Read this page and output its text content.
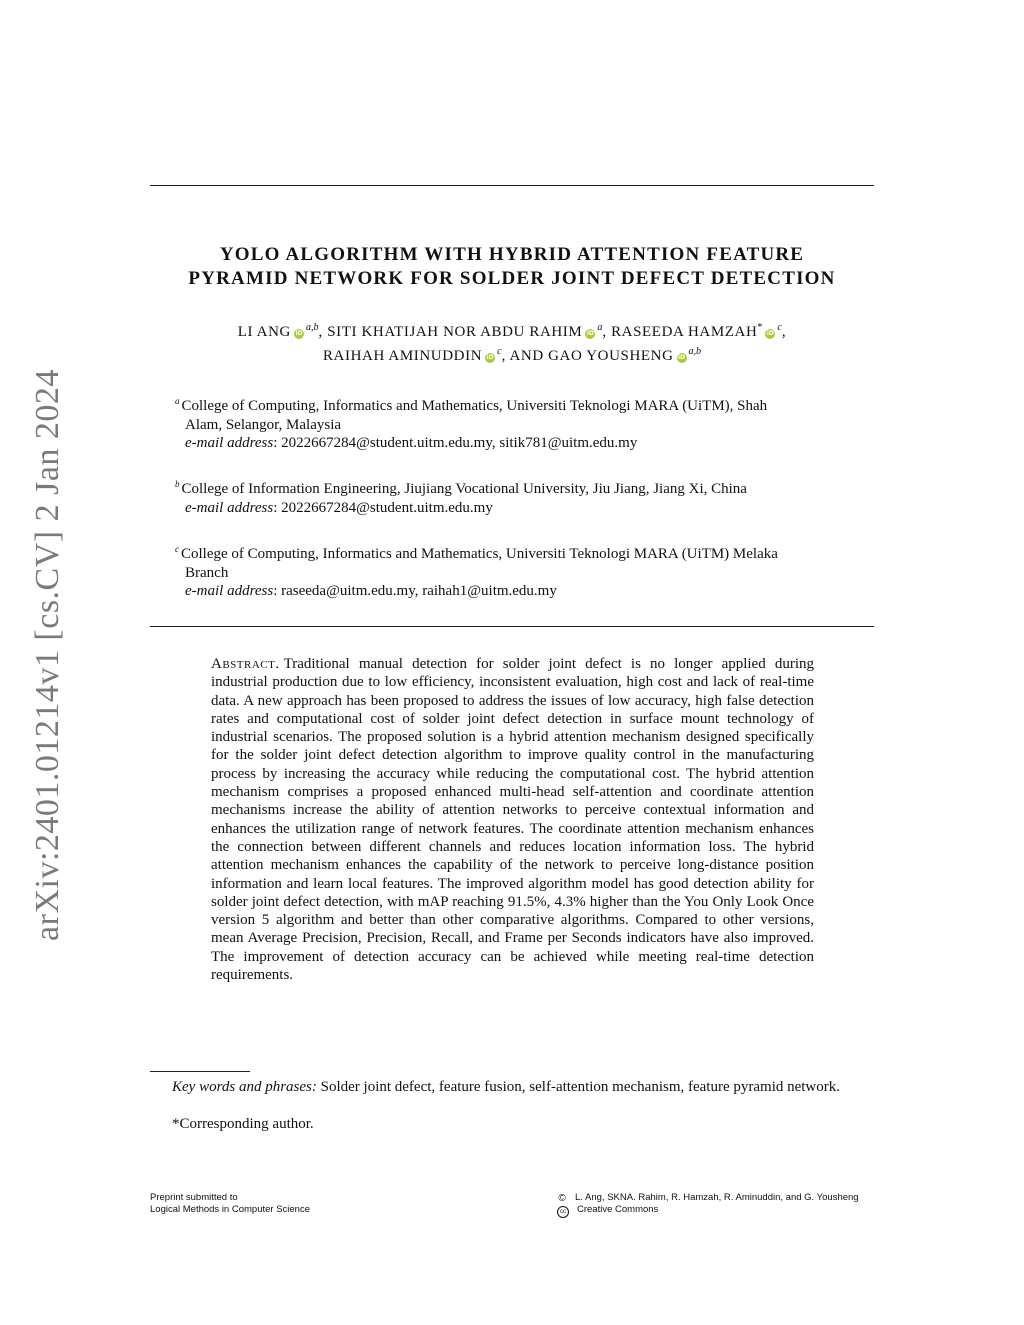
arXiv:2401.01214v1 [cs.CV] 2 Jan 2024
YOLO ALGORITHM WITH HYBRID ATTENTION FEATURE
PYRAMID NETWORK FOR SOLDER JOINT DEFECT DETECTION
LI ANG iD$^{a,b}$, SITI KHATIJAH NOR ABDU RAHIM $iD^a$, RASEEDA $HAMZAH^*iD^c$,
RAIHAH AMINUDDIN $iD^c$, AND GAO YOUSHENG iD$^{a,b}$
$^a$ College of Computing, Informatics and Mathematics, Universiti Teknologi MARA (UiTM), Shah
Alam, Selangor, Malaysia
e-mail address: 2022667284@student.uitm.edu.my, sitik781@uitm.edu.my
$^b$ College of Information Engineering, Jiujiang Vocational University, Jiu Jiang, Jiang Xi, China
e-mail address: 2022667284@student.uitm.edu.my
$^c$ College of Computing, Informatics and Mathematics, Universiti Teknologi MARA (UiTM) Melaka
Branch
e-mail address: raseeda@uitm.edu.my, raihah1@uitm.edu.my
Abstract. Traditional manual detection for solder joint defect is no longer applied during industrial production due to low efficiency, inconsistent evaluation, high cost and lack of real-time data. A new approach has been proposed to address the issues of low accuracy, high false detection rates and computational cost of solder joint defect detection in surface mount technology of industrial scenarios. The proposed solution is a hybrid attention mechanism designed specifically for the solder joint defect detection algorithm to improve quality control in the manufacturing process by increasing the accuracy while reducing the computational cost. The hybrid attention mechanism comprises a proposed enhanced multi-head self-attention and coordinate attention mechanisms increase the ability of attention networks to perceive contextual information and enhances the utilization range of network features. The coordinate attention mechanism enhances the connection between different channels and reduces location information loss. The hybrid attention mechanism enhances the capability of the network to perceive long-distance position information and learn local features. The improved algorithm model has good detection ability for solder joint defect detection, with mAP reaching 91.5%, 4.3% higher than the You Only Look Once version 5 algorithm and better than other comparative algorithms. Compared to other versions, mean Average Precision, Precision, Recall, and Frame per Seconds indicators have also improved. The improvement of detection accuracy can be achieved while meeting real-time detection requirements.
Key words and phrases: Solder joint defect, feature fusion, self-attention mechanism, feature pyramid network.
*Corresponding author.
Preprint submitted to
Logical Methods in Computer Science
© L. Ang, SKNA. Rahim, R. Hamzah, R. Aminuddin, and G. Yousheng
cc Creative Commons
